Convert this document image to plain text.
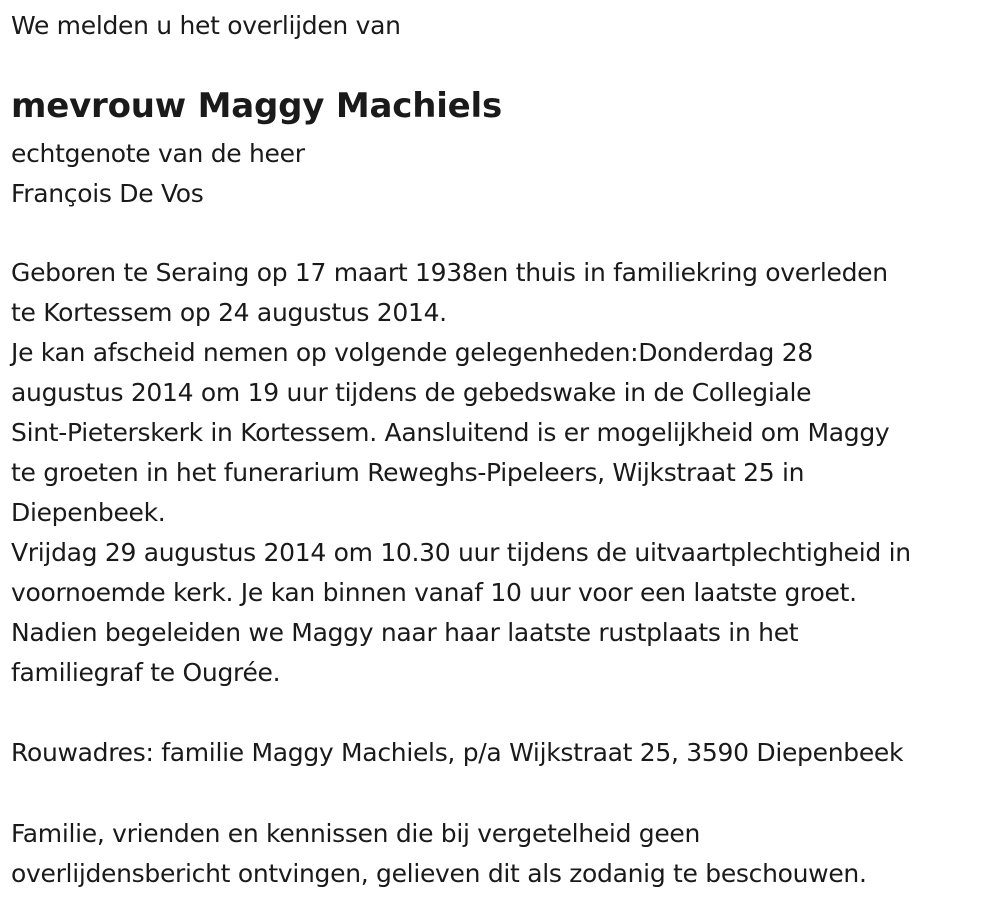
We melden u het overlijden van
mevrouw Maggy Machiels
echtgenote van de heer
François De Vos
Geboren te Seraing op 17 maart 1938en thuis in familiekring overleden
te Kortessem op 24 augustus 2014.
Je kan afscheid nemen op volgende gelegenheden:Donderdag 28
augustus 2014 om 19 uur tijdens de gebedswake in de Collegiale
Sint-Pieterskerk in Kortessem. Aansluitend is er mogelijkheid om Maggy
te groeten in het funerarium Reweghs-Pipeleers, Wijkstraat 25 in
Diepenbeek.
Vrijdag 29 augustus 2014 om 10.30 uur tijdens de uitvaartplechtigheid in
voornoemde kerk. Je kan binnen vanaf 10 uur voor een laatste groet.
Nadien begeleiden we Maggy naar haar laatste rustplaats in het
familiegraf te Ougrée.
Rouwadres: familie Maggy Machiels, p/a Wijkstraat 25, 3590 Diepenbeek
Familie, vrienden en kennissen die bij vergetelheid geen
overlijdensbericht ontvingen, gelieven dit als zodanig te beschouwen.
